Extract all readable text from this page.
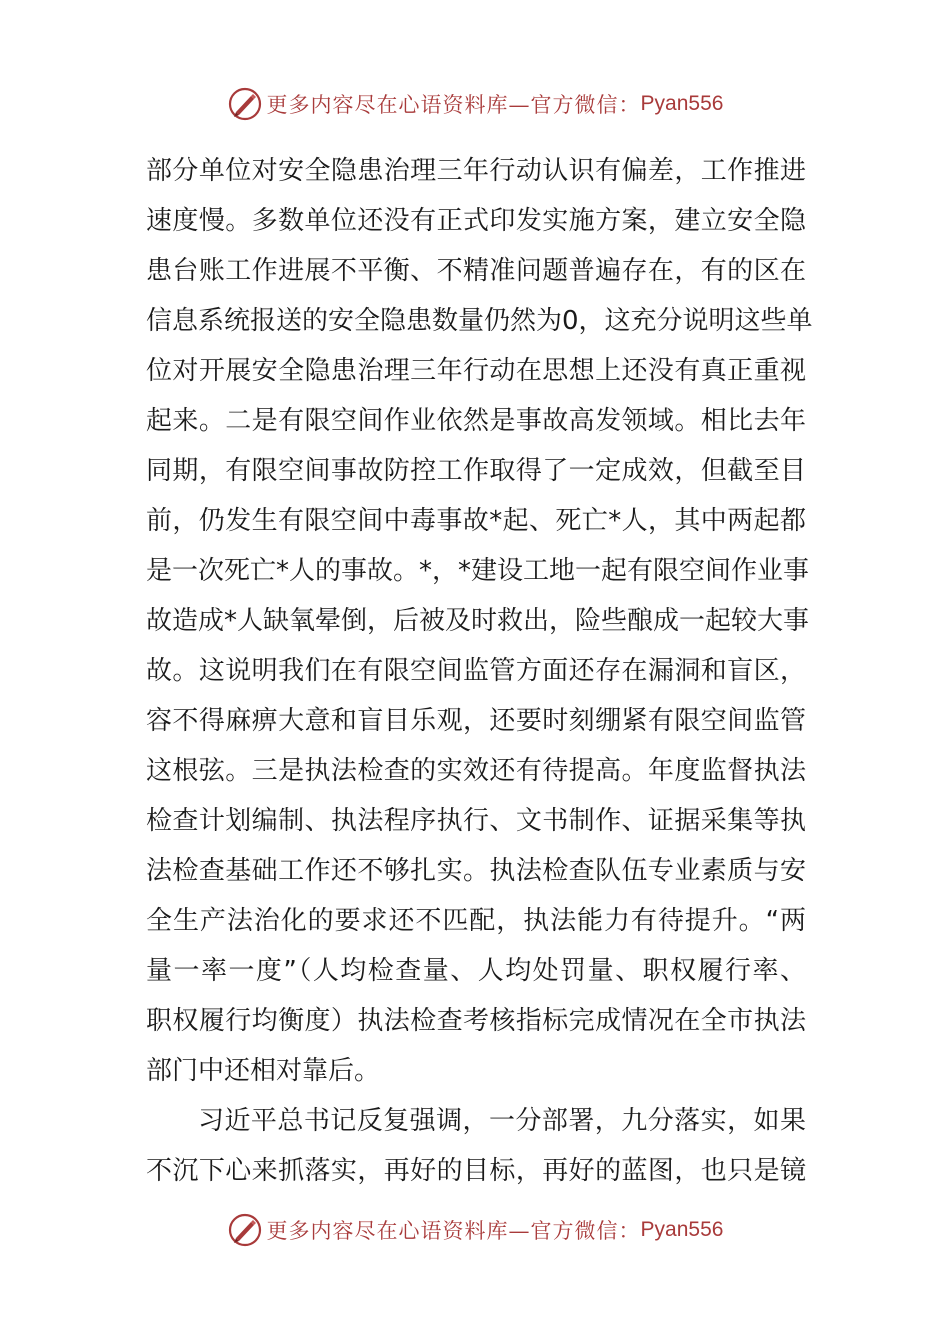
更多内容尽在心语资料库—官方微信： Pyan556
部分单位对安全隐患治理三年行动认识有偏差，工作推进
速度慢。多数单位还没有正式印发实施方案，建立安全隐
患台账工作进展不平衡、不精准问题普遍存在，有的区在
信息系统报送的安全隐患数量仍然为0，这充分说明这些单
位对开展安全隐患治理三年行动在思想上还没有真正重视
起来。二是有限空间作业依然是事故高发领域。相比去年
同期，有限空间事故防控工作取得了一定成效，但截至目
前，仍发生有限空间中毒事故*起、死亡*人，其中两起都
是一次死亡*人的事故。*，*建设工地一起有限空间作业事
故造成*人缺氧晕倒，后被及时救出，险些酿成一起较大事
故。这说明我们在有限空间监管方面还存在漏洞和盲区，
容不得麻痹大意和盲目乐观，还要时刻绷紧有限空间监管
这根弦。三是执法检查的实效还有待提高。年度监督执法
检查计划编制、执法程序执行、文书制作、证据采集等执
法检查基础工作还不够扎实。执法检查队伍专业素质与安
全生产法治化的要求还不匹配，执法能力有待提升。“两
量一率一度”（人均检查量、人均处罚量、职权履行率、
职权履行均衡度）执法检查考核指标完成情况在全市执法
部门中还相对靠后。
习近平总书记反复强调，一分部署，九分落实，如果
不沉下心来抓落实，再好的目标，再好的蓝图，也只是镜
更多内容尽在心语资料库—官方微信： Pyan556
